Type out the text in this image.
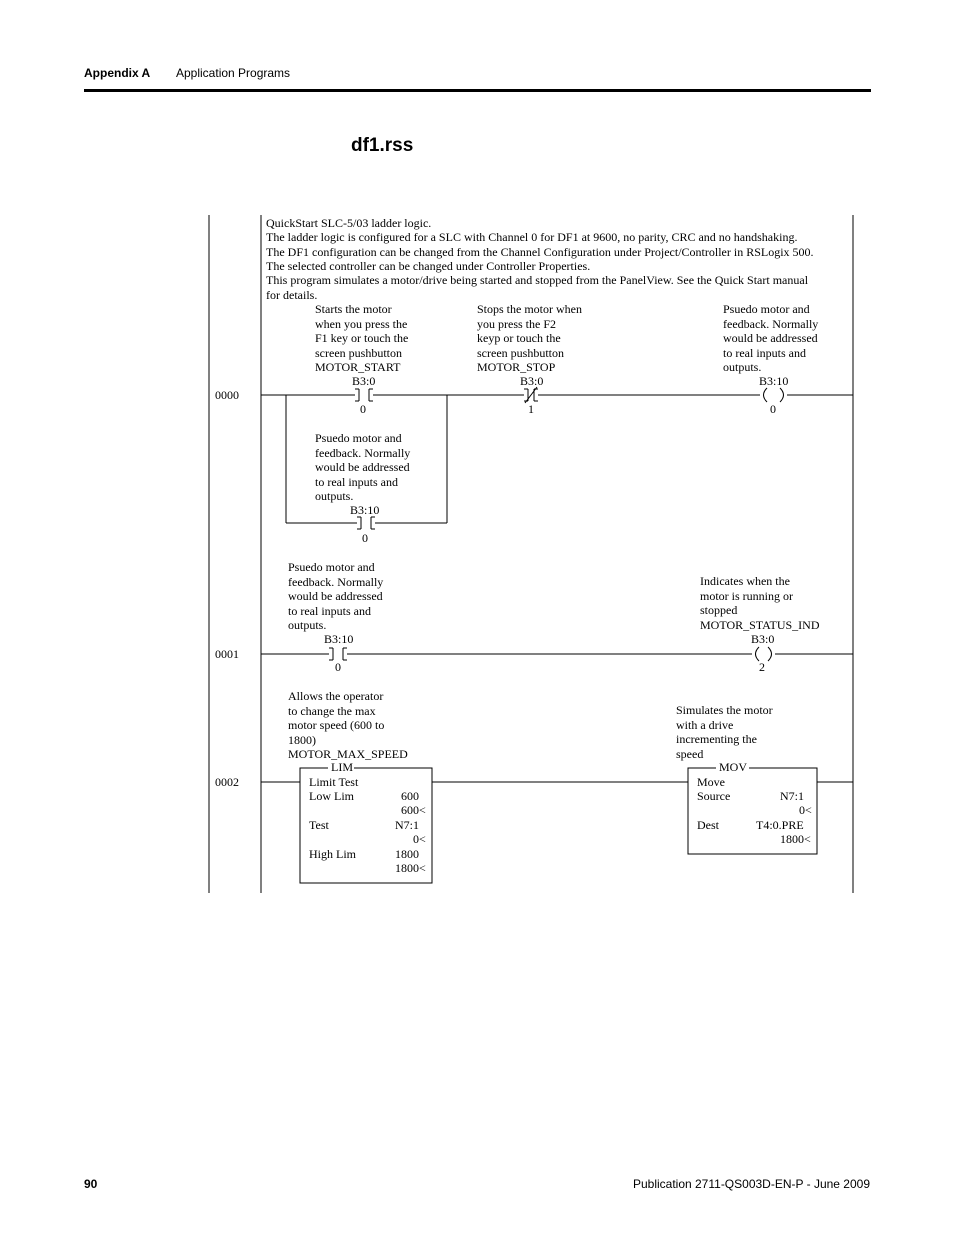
Appendix A Application Programs
df1.rss
QuickStart SLC-5/03 ladder logic.
The ladder logic is configured for a SLC with Channel 0 for DF1 at 9600, no parity, CRC and no handshaking.
The DF1 configuration can be changed from the Channel Configuration under Project/Controller in RSLogix 500.
The selected controller can be changed under Controller Properties.
This program simulates a motor/drive being started and stopped from the PanelView. See the Quick Start manual
for details.
0000
Starts the motor
when you press the
F1 key or touch the
screen pushbutton
MOTOR_START
Stops the motor when
you press the F2
keyp or touch the
screen pushbutton
MOTOR_STOP
Psuedo motor and
feedback. Normally
would be addressed
to real inputs and
outputs.
B3:0
0
B3:0
1
B3:10
0
Psuedo motor and
feedback. Normally
would be addressed
to real inputs and
outputs.
B3:10
0
0001
Psuedo motor and
feedback. Normally
would be addressed
to real inputs and
outputs.
Indicates when the
motor is running or
stopped
MOTOR_STATUS_IND
B3:10
0
B3:0
2
0002
Allows the operator
to change the max
motor speed (600 to
1800)
MOTOR_MAX_SPEED
Simulates the motor
with a drive
incrementing the
speed
LIM
Limit Test
Low Lim	600
600<
Test	N7:1
0<
High Lim	1800
1800<
MOV
Move
Source	N7:1
0<
Dest	T4:0.PRE
1800<
90	Publication 2711-QS003D-EN-P - June 2009
